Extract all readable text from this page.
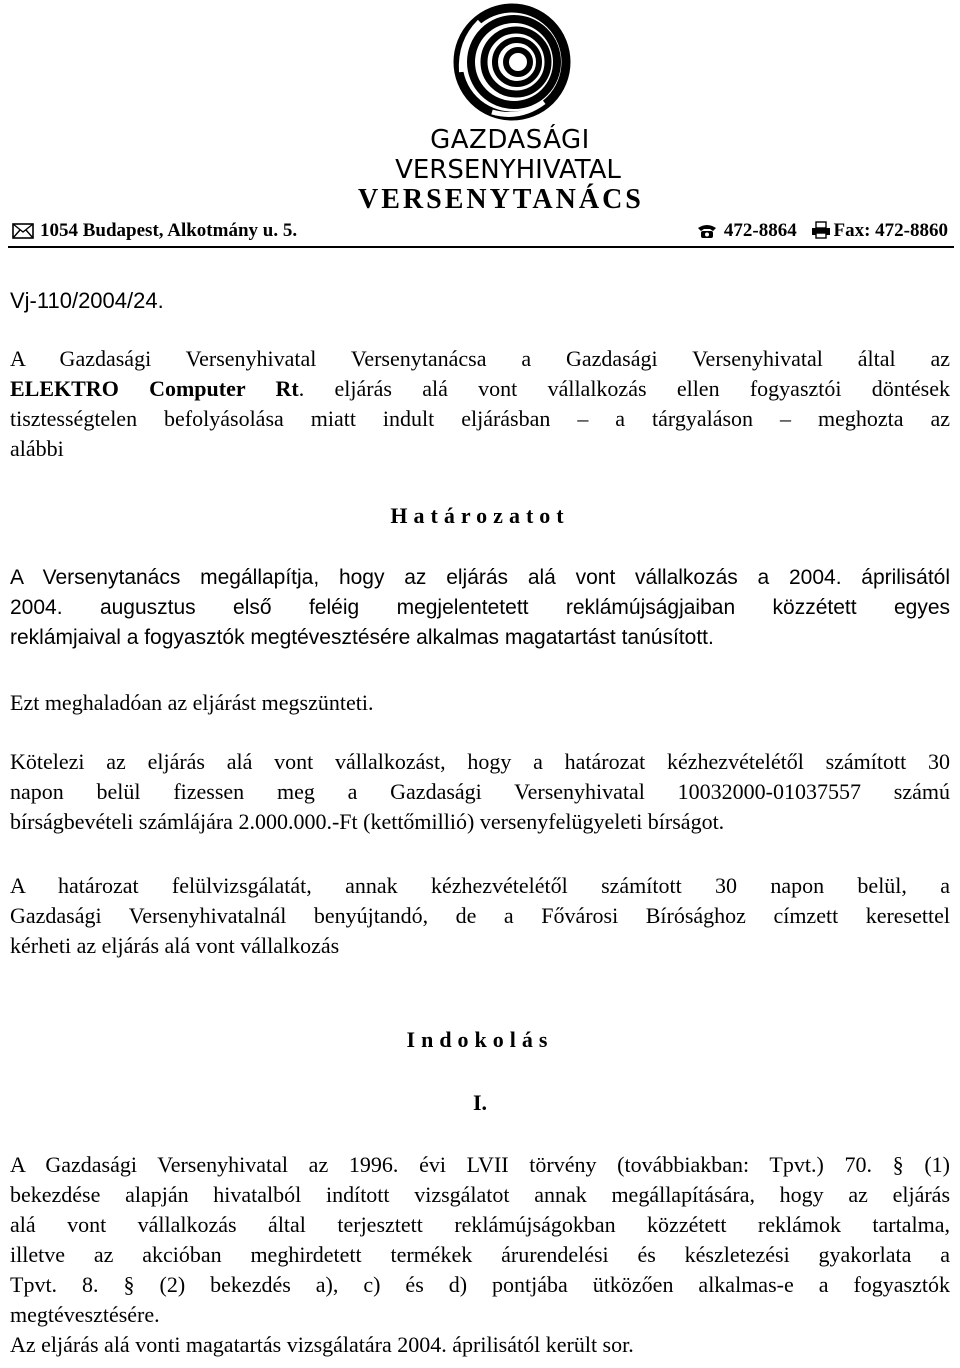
GAZDASÁGI
VERSENYHIVATAL
VERSENYTANÁCS
1054 Budapest, Alkotmány u. 5.	472-8864 Fax: 472-8860
Vj-110/2004/24.
A Gazdasági Versenyhivatal Versenytanácsa a Gazdasági Versenyhivatal által az
ELEKTRO Computer Rt. eljárás alá vont vállalkozás ellen fogyasztói döntések
tisztességtelen befolyásolása miatt indult eljárásban – a tárgyaláson – meghozta az
alábbi
Határozatot
A Versenytanács megállapítja, hogy az eljárás alá vont vállalkozás a 2004. áprilisától
2004. augusztus első feléig megjelentetett reklámújságjaiban közzétett egyes
reklámjaival a fogyasztók megtévesztésére alkalmas magatartást tanúsított.
Ezt meghaladóan az eljárást megszünteti.
Kötelezi az eljárás alá vont vállalkozást, hogy a határozat kézhezvételétől számított 30
napon belül fizessen meg a Gazdasági Versenyhivatal 10032000-01037557 számú
bírságbevételi számlájára 2.000.000.-Ft (kettőmillió) versenyfelügyeleti bírságot.
A határozat felülvizsgálatát, annak kézhezvételétől számított 30 napon belül, a
Gazdasági Versenyhivatalnál benyújtandó, de a Fővárosi Bírósághoz címzett keresettel
kérheti az eljárás alá vont vállalkozás
Indokolás
I.
A Gazdasági Versenyhivatal az 1996. évi LVII törvény (továbbiakban: Tpvt.) 70. § (1)
bekezdése alapján hivatalból indított vizsgálatot annak megállapítására, hogy az eljárás
alá vont vállalkozás által terjesztett reklámújságokban közzétett reklámok tartalma,
illetve az akcióban meghirdetett termékek árurendelési és készletezési gyakorlata a
Tpvt. 8. § (2) bekezdés a), c) és d) pontjába ütközően alkalmas-e a fogyasztók
megtévesztésére.
Az eljárás alá vonti magatartás vizsgálatára 2004. áprilisától került sor.
